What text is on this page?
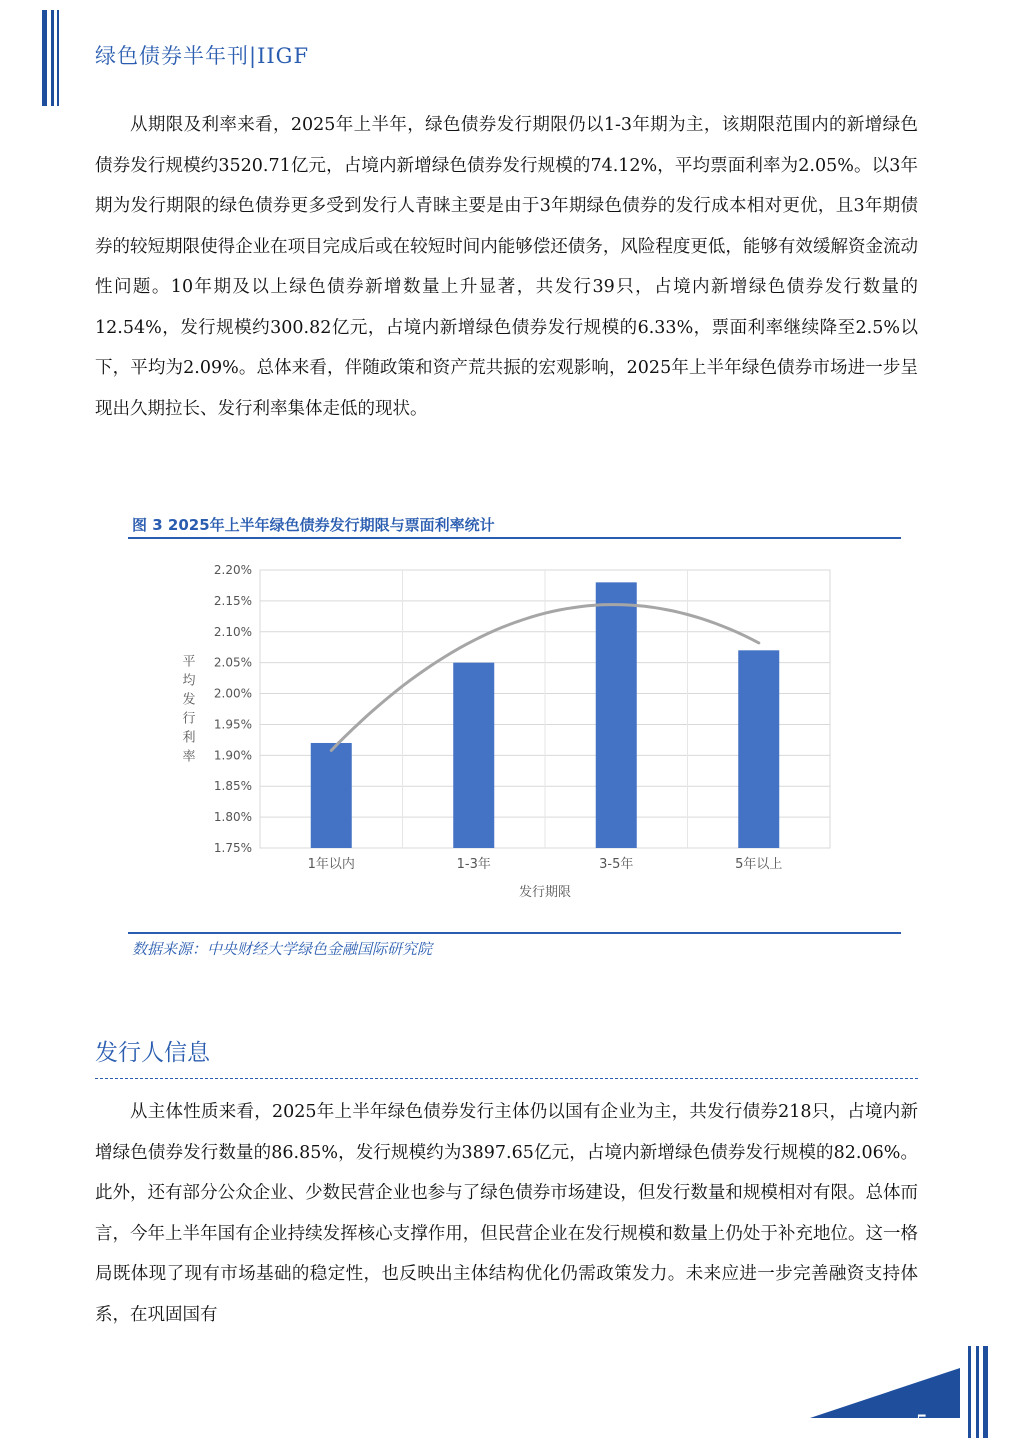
绿色债券半年刊|IIGF
从期限及利率来看，2025年上半年，绿色债券发行期限仍以1-3年期为主，该期限范围内的新增绿色债券发行规模约3520.71亿元，占境内新增绿色债券发行规模的74.12%，平均票面利率为2.05%。以3年期为发行期限的绿色债券更多受到发行人青睐主要是由于3年期绿色债券的发行成本相对更优，且3年期债券的较短期限使得企业在项目完成后或在较短时间内能够偿还债务，风险程度更低，能够有效缓解资金流动性问题。10年期及以上绿色债券新增数量上升显著，共发行39只，占境内新增绿色债券发行数量的12.54%，发行规模约300.82亿元，占境内新增绿色债券发行规模的6.33%，票面利率继续降至2.5%以下，平均为2.09%。总体来看，伴随政策和资产荒共振的宏观影响，2025年上半年绿色债券市场进一步呈现出久期拉长、发行利率集体走低的现状。
图 3 2025年上半年绿色债券发行期限与票面利率统计
2.20%
2.15%
2.10%
2.05%
2.00%
1.95%
1.90%
1.85%
1.80%
1.75%
1年以内	1-3年	3-5年	5年以上
发行期限
平均发行利率
数据来源：中央财经大学绿色金融国际研究院
发行人信息
从主体性质来看，2025年上半年绿色债券发行主体仍以国有企业为主，共发行债券218只，占境内新增绿色债券发行数量的86.85%，发行规模约为3897.65亿元，占境内新增绿色债券发行规模的82.06%。此外，还有部分公众企业、少数民营企业也参与了绿色债券市场建设，但发行数量和规模相对有限。总体而言，今年上半年国有企业持续发挥核心支撑作用，但民营企业在发行规模和数量上仍处于补充地位。这一格局既体现了现有市场基础的稳定性，也反映出主体结构优化仍需政策发力。未来应进一步完善融资支持体系，在巩固国有
5
